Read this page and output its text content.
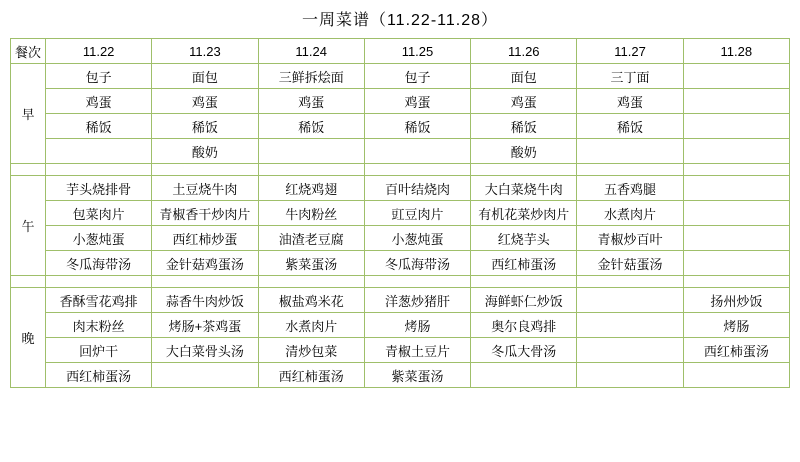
一周菜谱（11.22-11.28）
餐次	11.22	11.23	11.24	11.25	11.26	11.27	11.28
早	包子	面包	三鲜拆烩面	包子	面包	三丁面	
	鸡蛋	鸡蛋	鸡蛋	鸡蛋	鸡蛋	鸡蛋	
	稀饭	稀饭	稀饭	稀饭	稀饭	稀饭	
		酸奶			酸奶		

午	芋头烧排骨	土豆烧牛肉	红烧鸡翅	百叶结烧肉	大白菜烧牛肉	五香鸡腿	
	包菜肉片	青椒香干炒肉片	牛肉粉丝	豇豆肉片	有机花菜炒肉片	水煮肉片	
	小葱炖蛋	西红柿炒蛋	油渣老豆腐	小葱炖蛋	红烧芋头	青椒炒百叶	
	冬瓜海带汤	金针菇鸡蛋汤	紫菜蛋汤	冬瓜海带汤	西红柿蛋汤	金针菇蛋汤	

晚	香酥雪花鸡排	蒜香牛肉炒饭	椒盐鸡米花	洋葱炒猪肝	海鲜虾仁炒饭		扬州炒饭
	肉末粉丝	烤肠+茶鸡蛋	水煮肉片	烤肠	奥尔良鸡排		烤肠
	回炉干	大白菜骨头汤	清炒包菜	青椒土豆片	冬瓜大骨汤		西红柿蛋汤
	西红柿蛋汤		西红柿蛋汤	紫菜蛋汤			
